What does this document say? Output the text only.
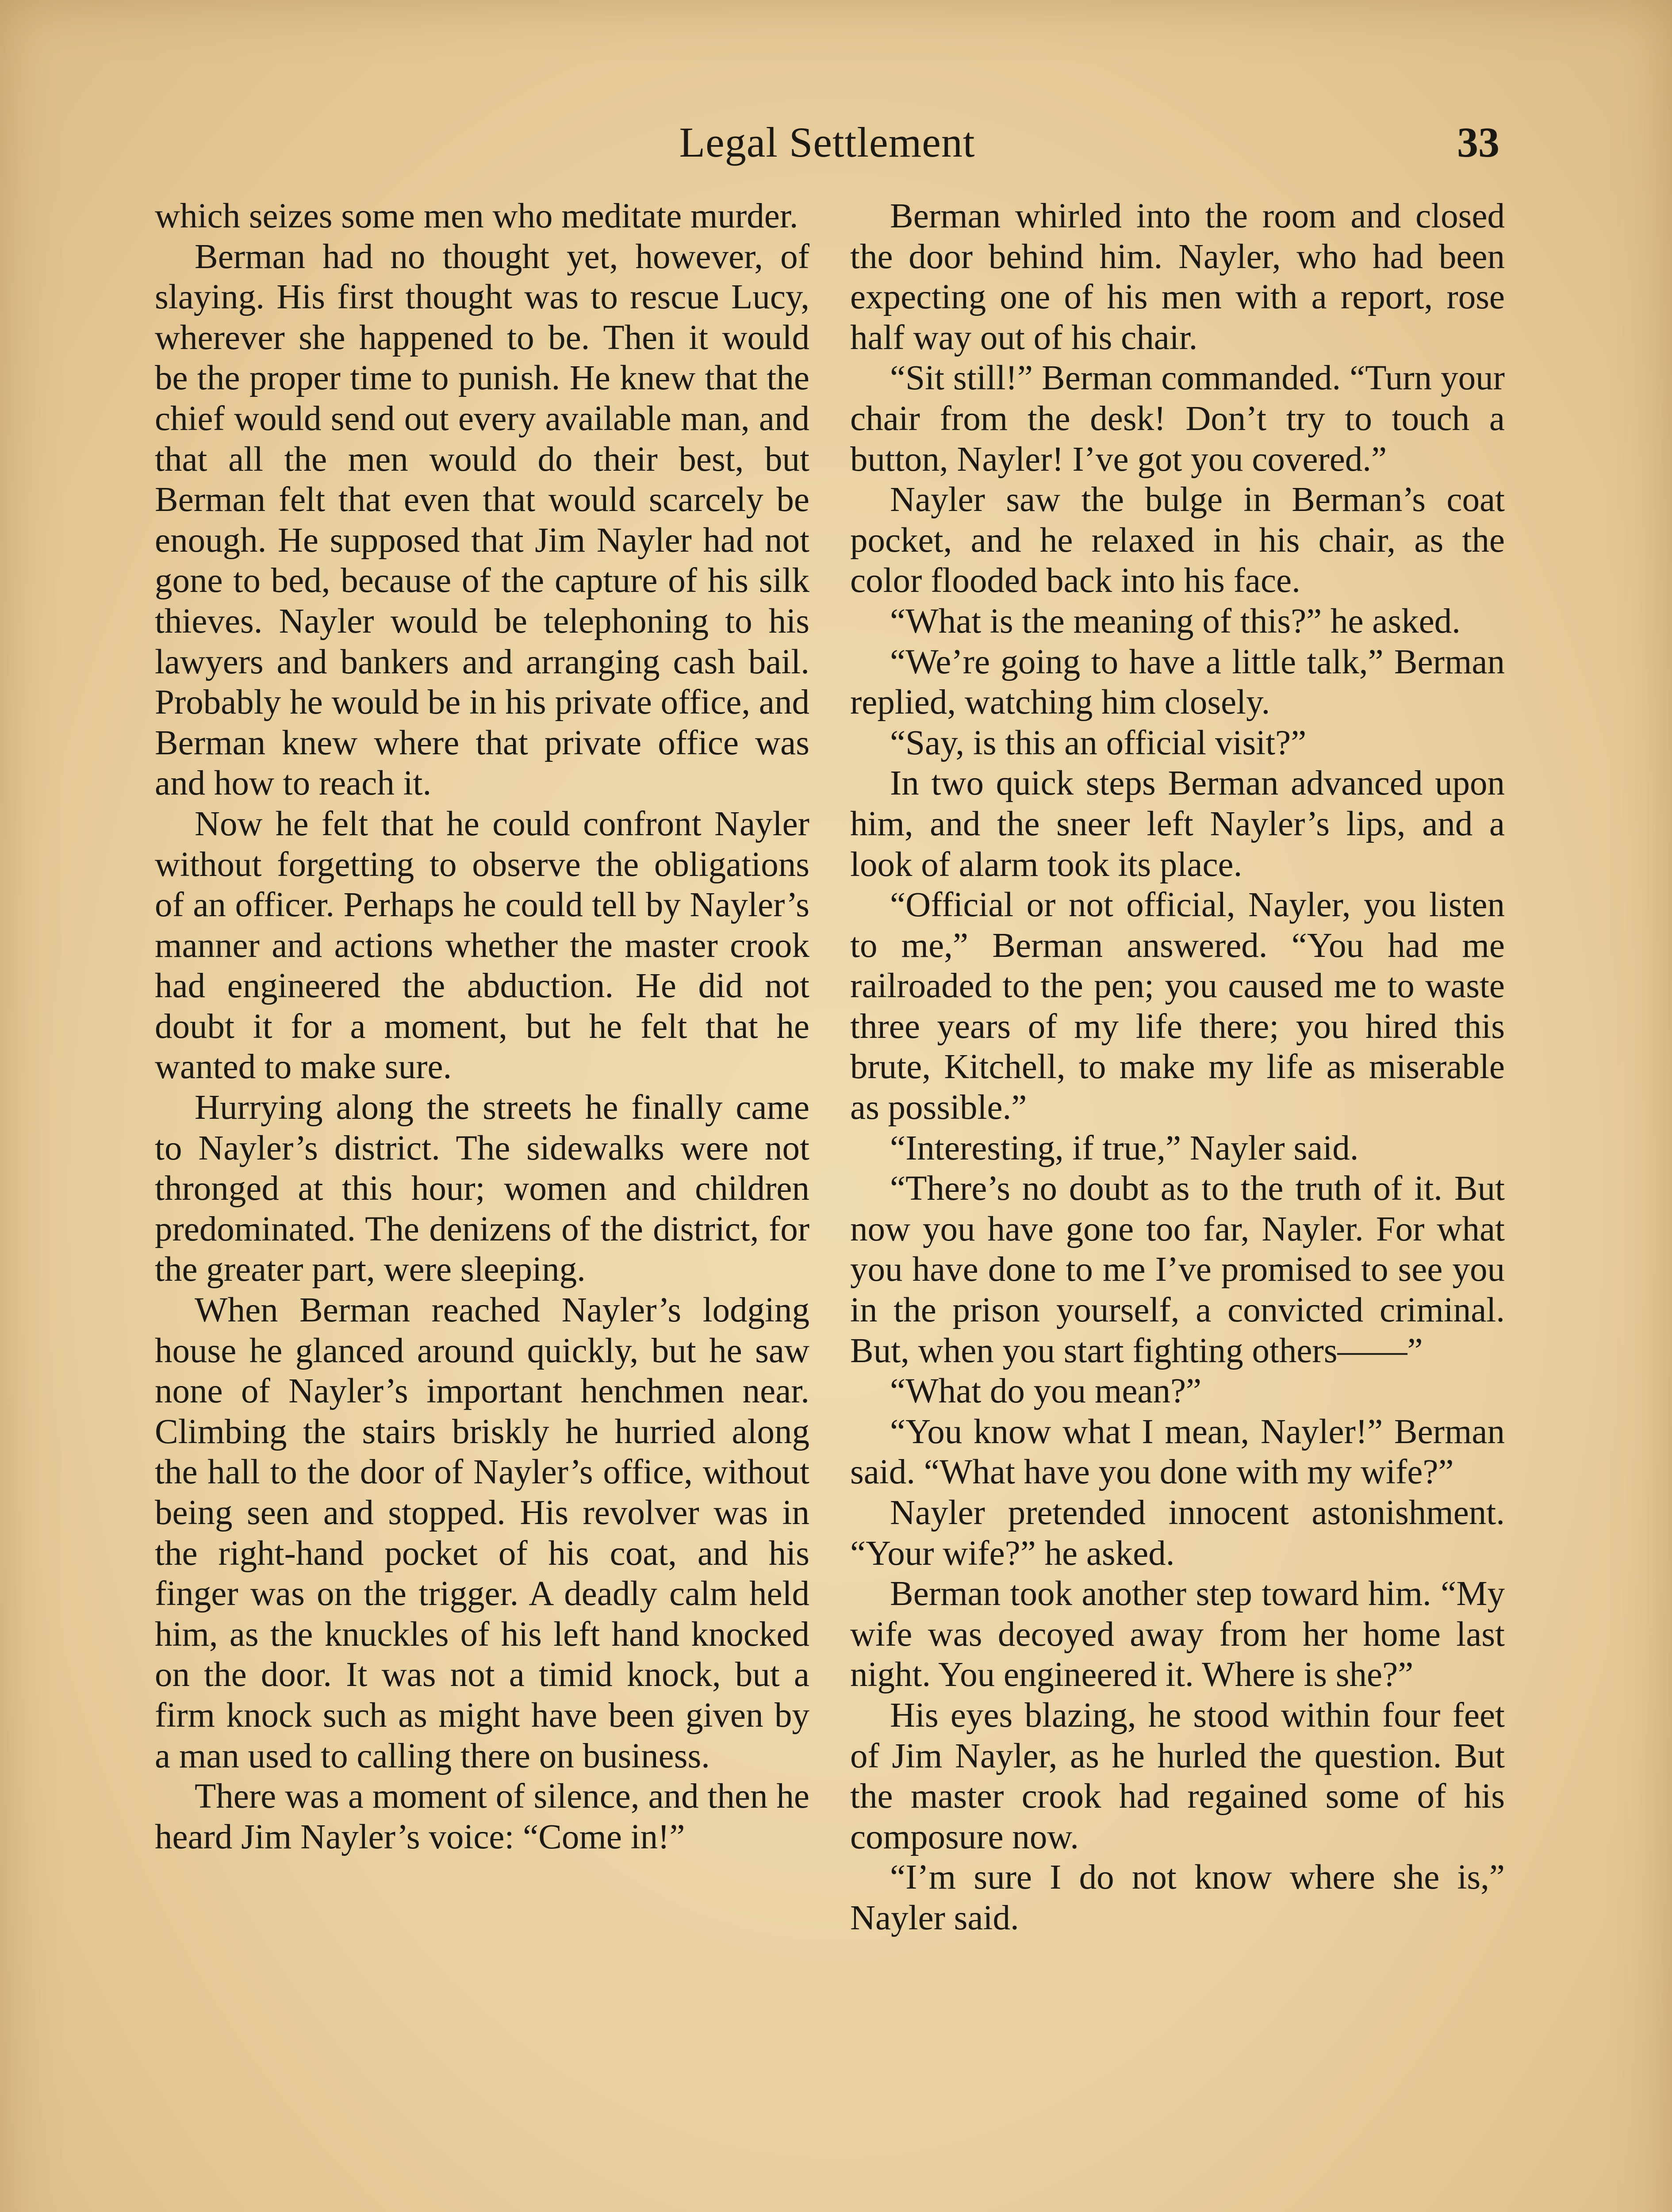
Legal Settlement	33

which seizes some men who meditate murder.

Berman had no thought yet, however, of slaying. His first thought was to rescue Lucy, wherever she happened to be. Then it would be the proper time to punish. He knew that the chief would send out every available man, and that all the men would do their best, but Berman felt that even that would scarcely be enough. He supposed that Jim Nayler had not gone to bed, because of the capture of his silk thieves. Nayler would be telephoning to his lawyers and bankers and arranging cash bail. Probably he would be in his private office, and Berman knew where that private office was and how to reach it.

Now he felt that he could confront Nayler without forgetting to observe the obligations of an officer. Perhaps he could tell by Nayler’s manner and actions whether the master crook had engineered the abduction. He did not doubt it for a moment, but he felt that he wanted to make sure.

Hurrying along the streets he finally came to Nayler’s district. The sidewalks were not thronged at this hour; women and children predominated. The denizens of the district, for the greater part, were sleeping.

When Berman reached Nayler’s lodging house he glanced around quickly, but he saw none of Nayler’s important henchmen near. Climbing the stairs briskly he hurried along the hall to the door of Nayler’s office, without being seen and stopped. His revolver was in the right-hand pocket of his coat, and his finger was on the trigger. A deadly calm held him, as the knuckles of his left hand knocked on the door. It was not a timid knock, but a firm knock such as might have been given by a man used to calling there on business.

There was a moment of silence, and then he heard Jim Nayler’s voice: “Come in!”

Berman whirled into the room and closed the door behind him. Nayler, who had been expecting one of his men with a report, rose half way out of his chair.

“Sit still!” Berman commanded. “Turn your chair from the desk! Don’t try to touch a button, Nayler! I’ve got you covered.”

Nayler saw the bulge in Berman’s coat pocket, and he relaxed in his chair, as the color flooded back into his face.

“What is the meaning of this?” he asked.

“We’re going to have a little talk,” Berman replied, watching him closely.

“Say, is this an official visit?”

In two quick steps Berman advanced upon him, and the sneer left Nayler’s lips, and a look of alarm took its place.

“Official or not official, Nayler, you listen to me,” Berman answered. “You had me railroaded to the pen; you caused me to waste three years of my life there; you hired this brute, Kitchell, to make my life as miserable as possible.”

“Interesting, if true,” Nayler said.

“There’s no doubt as to the truth of it. But now you have gone too far, Nayler. For what you have done to me I’ve promised to see you in the prison yourself, a convicted criminal. But, when you start fighting others——”

“What do you mean?”

“You know what I mean, Nayler!” Berman said. “What have you done with my wife?”

Nayler pretended innocent astonishment. “Your wife?” he asked.

Berman took another step toward him. “My wife was decoyed away from her home last night. You engineered it. Where is she?”

His eyes blazing, he stood within four feet of Jim Nayler, as he hurled the question. But the master crook had regained some of his composure now.

“I’m sure I do not know where she is,” Nayler said.
